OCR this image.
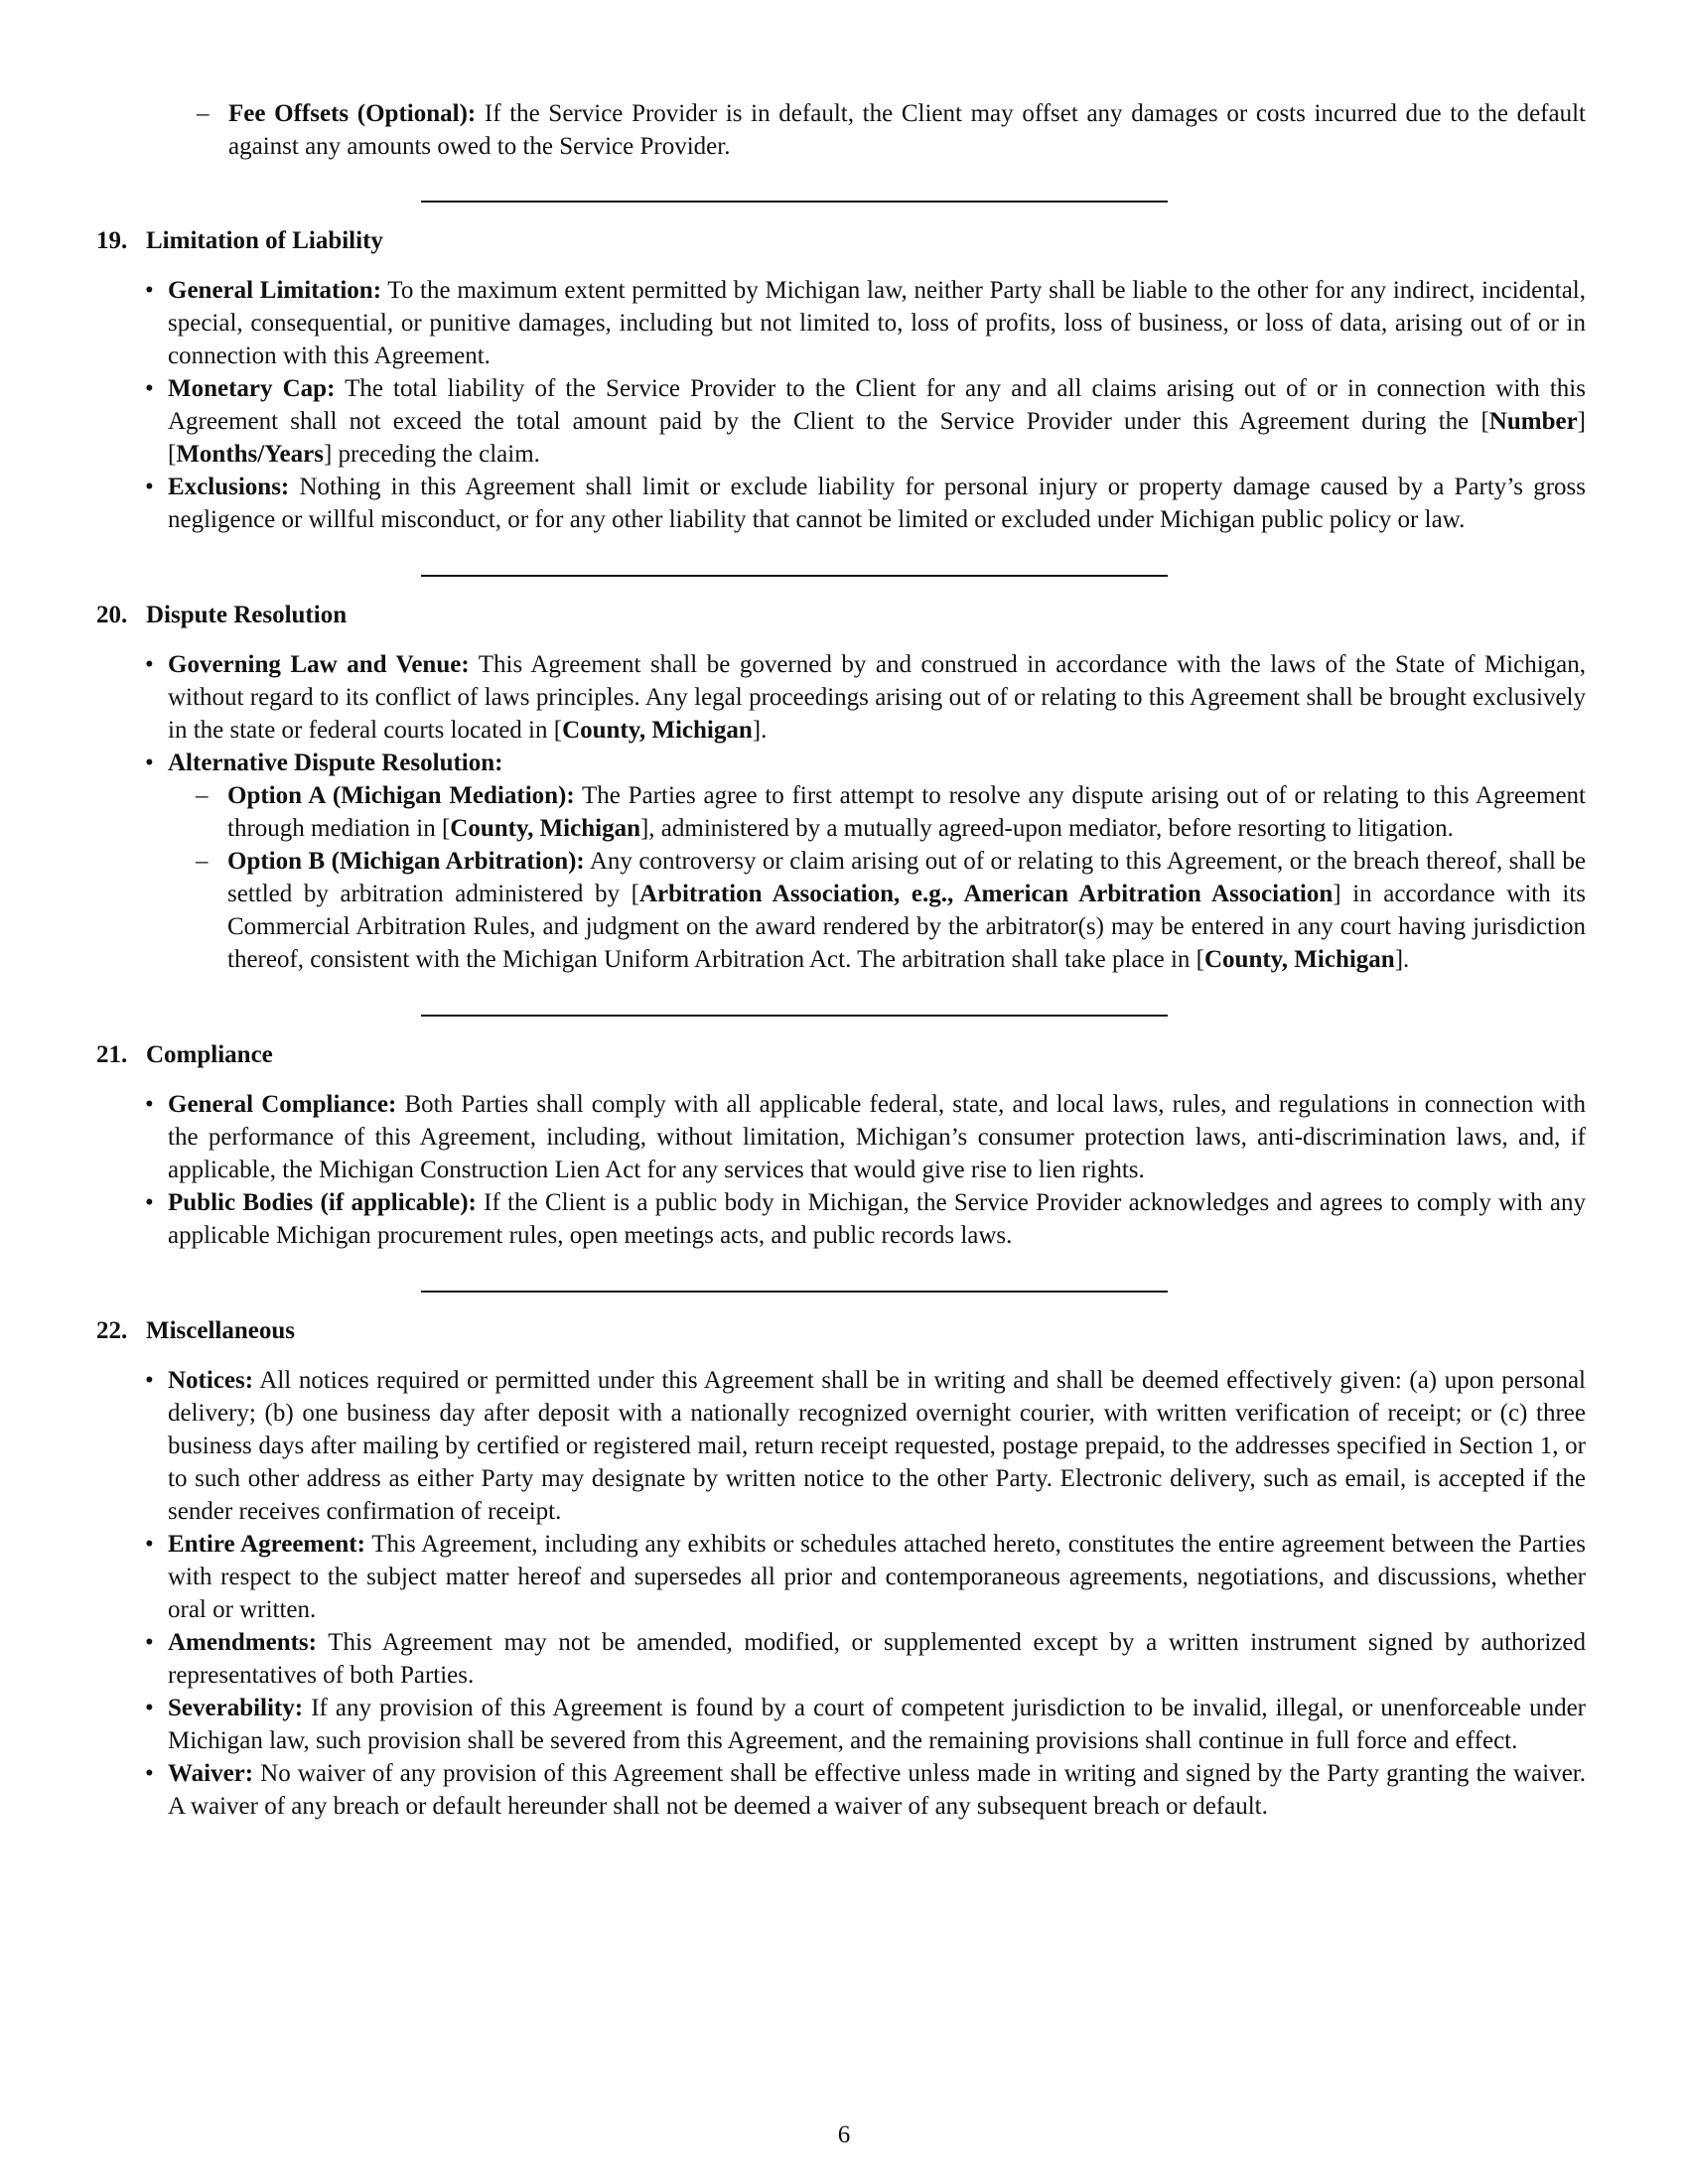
– Fee Offsets (Optional): If the Service Provider is in default, the Client may offset any damages or costs incurred due to the default against any amounts owed to the Service Provider.

19. Limitation of Liability

• General Limitation: To the maximum extent permitted by Michigan law, neither Party shall be liable to the other for any indirect, incidental, special, consequential, or punitive damages, including but not limited to, loss of profits, loss of business, or loss of data, arising out of or in connection with this Agreement.
• Monetary Cap: The total liability of the Service Provider to the Client for any and all claims arising out of or in connection with this Agreement shall not exceed the total amount paid by the Client to the Service Provider under this Agreement during the [Number] [Months/Years] preceding the claim.
• Exclusions: Nothing in this Agreement shall limit or exclude liability for personal injury or property damage caused by a Party’s gross negligence or willful misconduct, or for any other liability that cannot be limited or excluded under Michigan public policy or law.

20. Dispute Resolution

• Governing Law and Venue: This Agreement shall be governed by and construed in accordance with the laws of the State of Michigan, without regard to its conflict of laws principles. Any legal proceedings arising out of or relating to this Agreement shall be brought exclusively in the state or federal courts located in [County, Michigan].
• Alternative Dispute Resolution:
– Option A (Michigan Mediation): The Parties agree to first attempt to resolve any dispute arising out of or relating to this Agreement through mediation in [County, Michigan], administered by a mutually agreed-upon mediator, before resorting to litigation.
– Option B (Michigan Arbitration): Any controversy or claim arising out of or relating to this Agreement, or the breach thereof, shall be settled by arbitration administered by [Arbitration Association, e.g., American Arbitration Association] in accordance with its Commercial Arbitration Rules, and judgment on the award rendered by the arbitrator(s) may be entered in any court having jurisdiction thereof, consistent with the Michigan Uniform Arbitration Act. The arbitration shall take place in [County, Michigan].

21. Compliance

• General Compliance: Both Parties shall comply with all applicable federal, state, and local laws, rules, and regulations in connection with the performance of this Agreement, including, without limitation, Michigan’s consumer protection laws, anti-discrimination laws, and, if applicable, the Michigan Construction Lien Act for any services that would give rise to lien rights.
• Public Bodies (if applicable): If the Client is a public body in Michigan, the Service Provider acknowledges and agrees to comply with any applicable Michigan procurement rules, open meetings acts, and public records laws.

22. Miscellaneous

• Notices: All notices required or permitted under this Agreement shall be in writing and shall be deemed effectively given: (a) upon personal delivery; (b) one business day after deposit with a nationally recognized overnight courier, with written verification of receipt; or (c) three business days after mailing by certified or registered mail, return receipt requested, postage prepaid, to the addresses specified in Section 1, or to such other address as either Party may designate by written notice to the other Party. Electronic delivery, such as email, is accepted if the sender receives confirmation of receipt.
• Entire Agreement: This Agreement, including any exhibits or schedules attached hereto, constitutes the entire agreement between the Parties with respect to the subject matter hereof and supersedes all prior and contemporaneous agreements, negotiations, and discussions, whether oral or written.
• Amendments: This Agreement may not be amended, modified, or supplemented except by a written instrument signed by authorized representatives of both Parties.
• Severability: If any provision of this Agreement is found by a court of competent jurisdiction to be invalid, illegal, or unenforceable under Michigan law, such provision shall be severed from this Agreement, and the remaining provisions shall continue in full force and effect.
• Waiver: No waiver of any provision of this Agreement shall be effective unless made in writing and signed by the Party granting the waiver. A waiver of any breach or default hereunder shall not be deemed a waiver of any subsequent breach or default.
6
